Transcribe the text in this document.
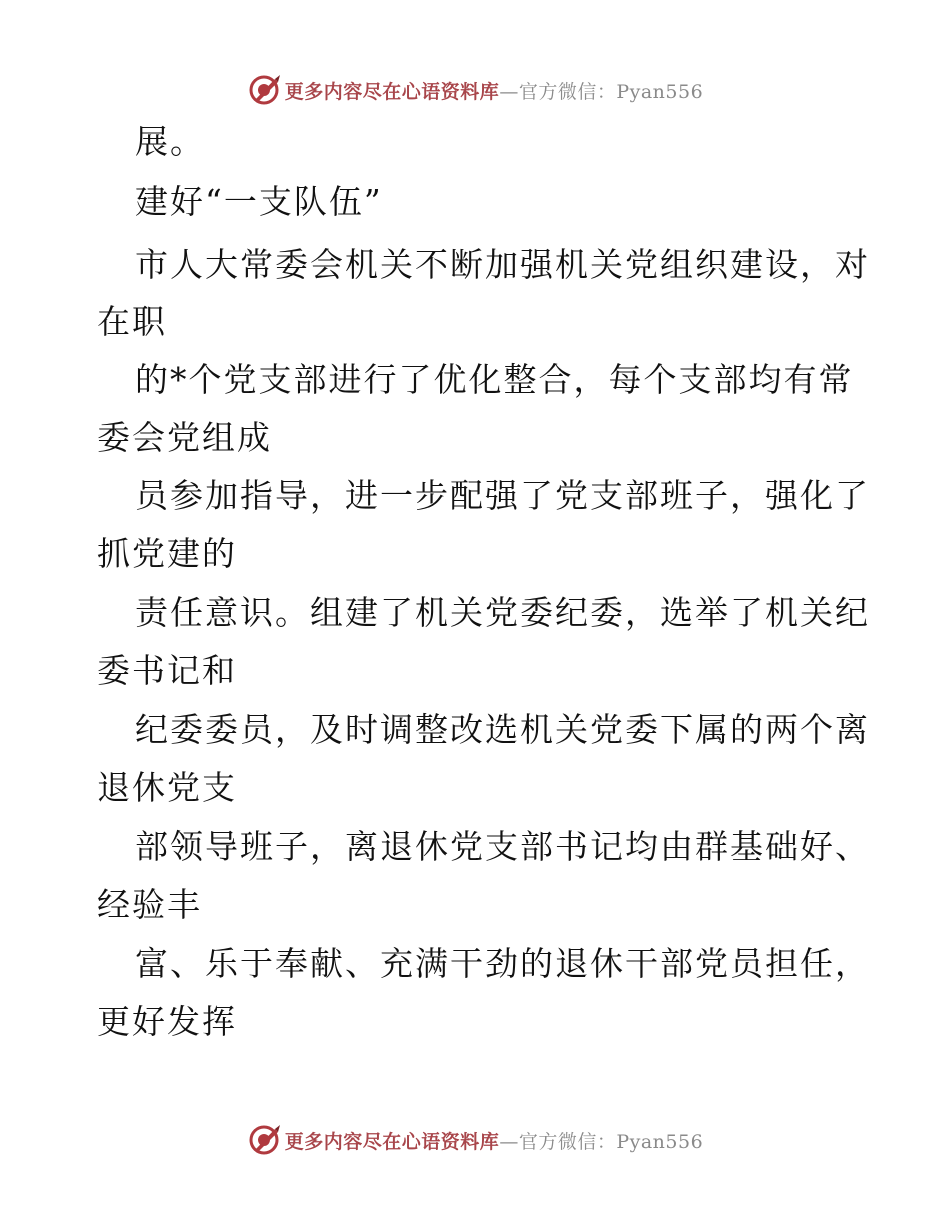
更多内容尽在心语资料库—官方微信：Pyan556
展。
建好“一支队伍”
市人大常委会机关不断加强机关党组织建设，对
在职
的*个党支部进行了优化整合，每个支部均有常
委会党组成
员参加指导，进一步配强了党支部班子，强化了
抓党建的
责任意识。组建了机关党委纪委，选举了机关纪
委书记和
纪委委员，及时调整改选机关党委下属的两个离
退休党支
部领导班子，离退休党支部书记均由群基础好、
经验丰
富、乐于奉献、充满干劲的退休干部党员担任，
更好发挥
更多内容尽在心语资料库—官方微信：Pyan556
